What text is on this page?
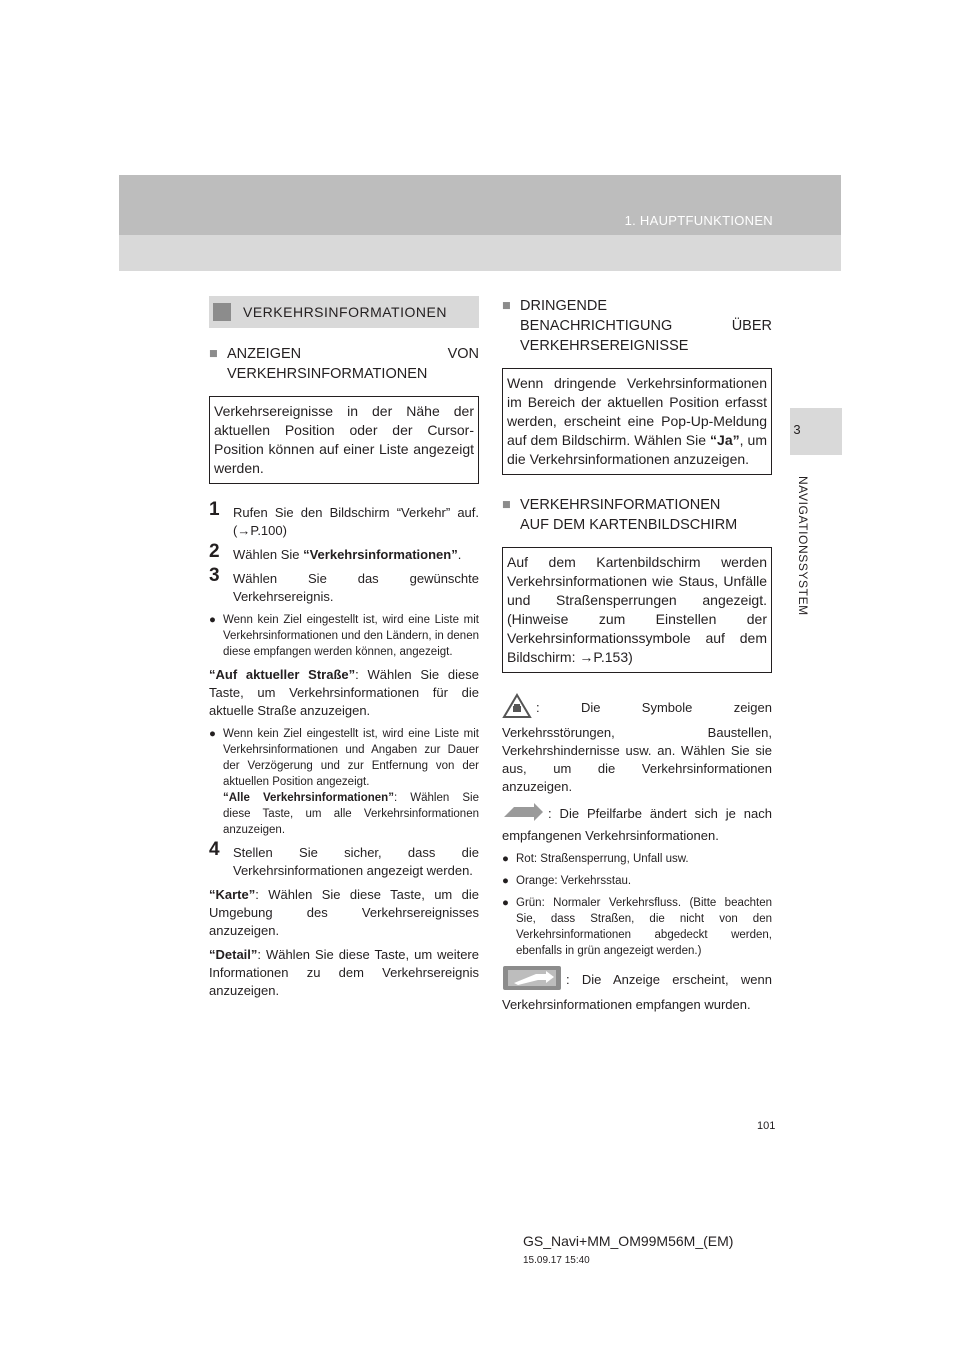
1. HAUPTFUNKTIONEN
3
NAVIGATIONSSYSTEM
VERKEHRSINFORMATIONEN
■ ANZEIGEN	VON
VERKEHRSINFORMATIONEN
Verkehrsereignisse in der Nähe der aktuellen Position oder der Cursor-Position können auf einer Liste angezeigt werden.
1 Rufen Sie den Bildschirm “Verkehr” auf. (→P.100)
2 Wählen Sie “Verkehrsinformationen”.
3 Wählen Sie das gewünschte Verkehrsereignis.
● Wenn kein Ziel eingestellt ist, wird eine Liste mit Verkehrsinformationen und den Ländern, in denen diese empfangen werden können, angezeigt.
“Auf aktueller Straße”: Wählen Sie diese Taste, um Verkehrsinformationen für die aktuelle Straße anzuzeigen.
● Wenn kein Ziel eingestellt ist, wird eine Liste mit Verkehrsinformationen und Angaben zur Dauer der Verzögerung und zur Entfernung von der aktuellen Position angezeigt.
“Alle Verkehrsinformationen”: Wählen Sie diese Taste, um alle Verkehrsinformationen anzuzeigen.
4 Stellen Sie sicher, dass die Verkehrsinformationen angezeigt werden.
“Karte”: Wählen Sie diese Taste, um die Umgebung des Verkehrsereignisses anzuzeigen.
“Detail”: Wählen Sie diese Taste, um weitere Informationen zu dem Verkehrsereignis anzuzeigen.
■ DRINGENDE
BENACHRICHTIGUNG	ÜBER
VERKEHRSEREIGNISSE
Wenn dringende Verkehrsinformationen im Bereich der aktuellen Position erfasst werden, erscheint eine Pop-Up-Meldung auf dem Bildschirm. Wählen Sie “Ja”, um die Verkehrsinformationen anzuzeigen.
■ VERKEHRSINFORMATIONEN
AUF DEM KARTENBILDSCHIRM
Auf dem Kartenbildschirm werden Verkehrsinformationen wie Staus, Unfälle und Straßensperrungen angezeigt. (Hinweise zum Einstellen der Verkehrsinformationssymbole auf dem Bildschirm: →P.153)
: Die Symbole zeigen Verkehrsstörungen, Baustellen, Verkehrshindernisse usw. an. Wählen Sie sie aus, um die Verkehrsinformationen anzuzeigen.
: Die Pfeilfarbe ändert sich je nach empfangenen Verkehrsinformationen.
● Rot: Straßensperrung, Unfall usw.
● Orange: Verkehrsstau.
● Grün: Normaler Verkehrsfluss. (Bitte beachten Sie, dass Straßen, die nicht von den Verkehrsinformationen abgedeckt werden, ebenfalls in grün angezeigt werden.)
: Die Anzeige erscheint, wenn Verkehrsinformationen empfangen wurden.
101
GS_Navi+MM_OM99M56M_(EM)
15.09.17 15:40
